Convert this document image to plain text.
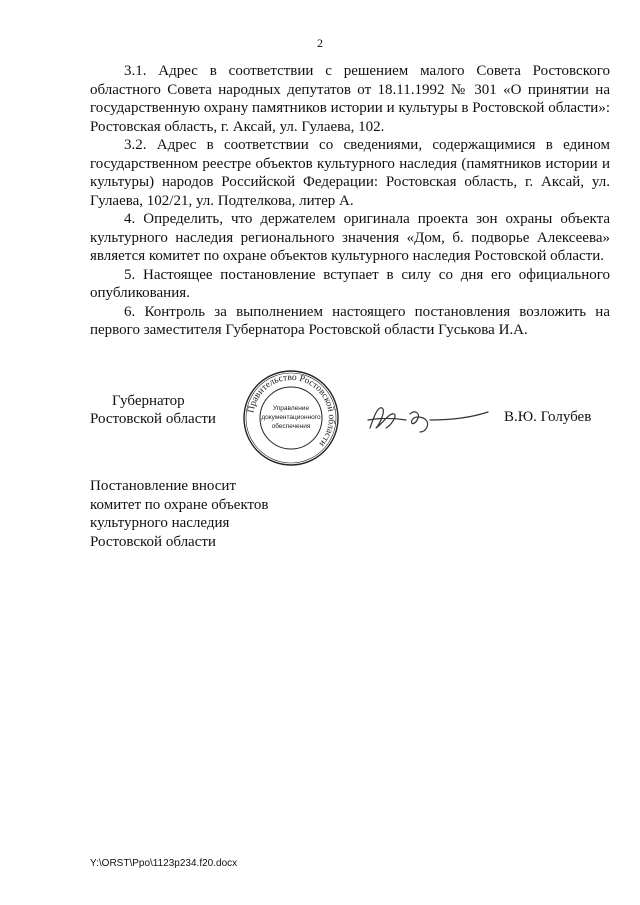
2

3.1. Адрес в соответствии с решением малого Совета Ростовского областного Совета народных депутатов от 18.11.1992 № 301 «О принятии на государственную охрану памятников истории и культуры в Ростовской области»: Ростовская область, г. Аксай, ул. Гулаева, 102.

3.2. Адрес в соответствии со сведениями, содержащимися в едином государственном реестре объектов культурного наследия (памятников истории и культуры) народов Российской Федерации: Ростовская область, г. Аксай, ул. Гулаева, 102/21, ул. Подтелкова, литер А.

4. Определить, что держателем оригинала проекта зон охраны объекта культурного наследия регионального значения «Дом, б. подворье Алексеева» является комитет по охране объектов культурного наследия Ростовской области.

5. Настоящее постановление вступает в силу со дня его официального опубликования.

6. Контроль за выполнением настоящего постановления возложить на первого заместителя Губернатора Ростовской области Гуськова И.А.

Губернатор
Ростовской области
Правительство Ростовской области
Управление
документационного
обеспечения
В.Ю. Голубев
Постановление вносит
комитет по охране объектов
культурного наследия
Ростовской области
Y:\ORST\Ppo\1123p234.f20.docx
